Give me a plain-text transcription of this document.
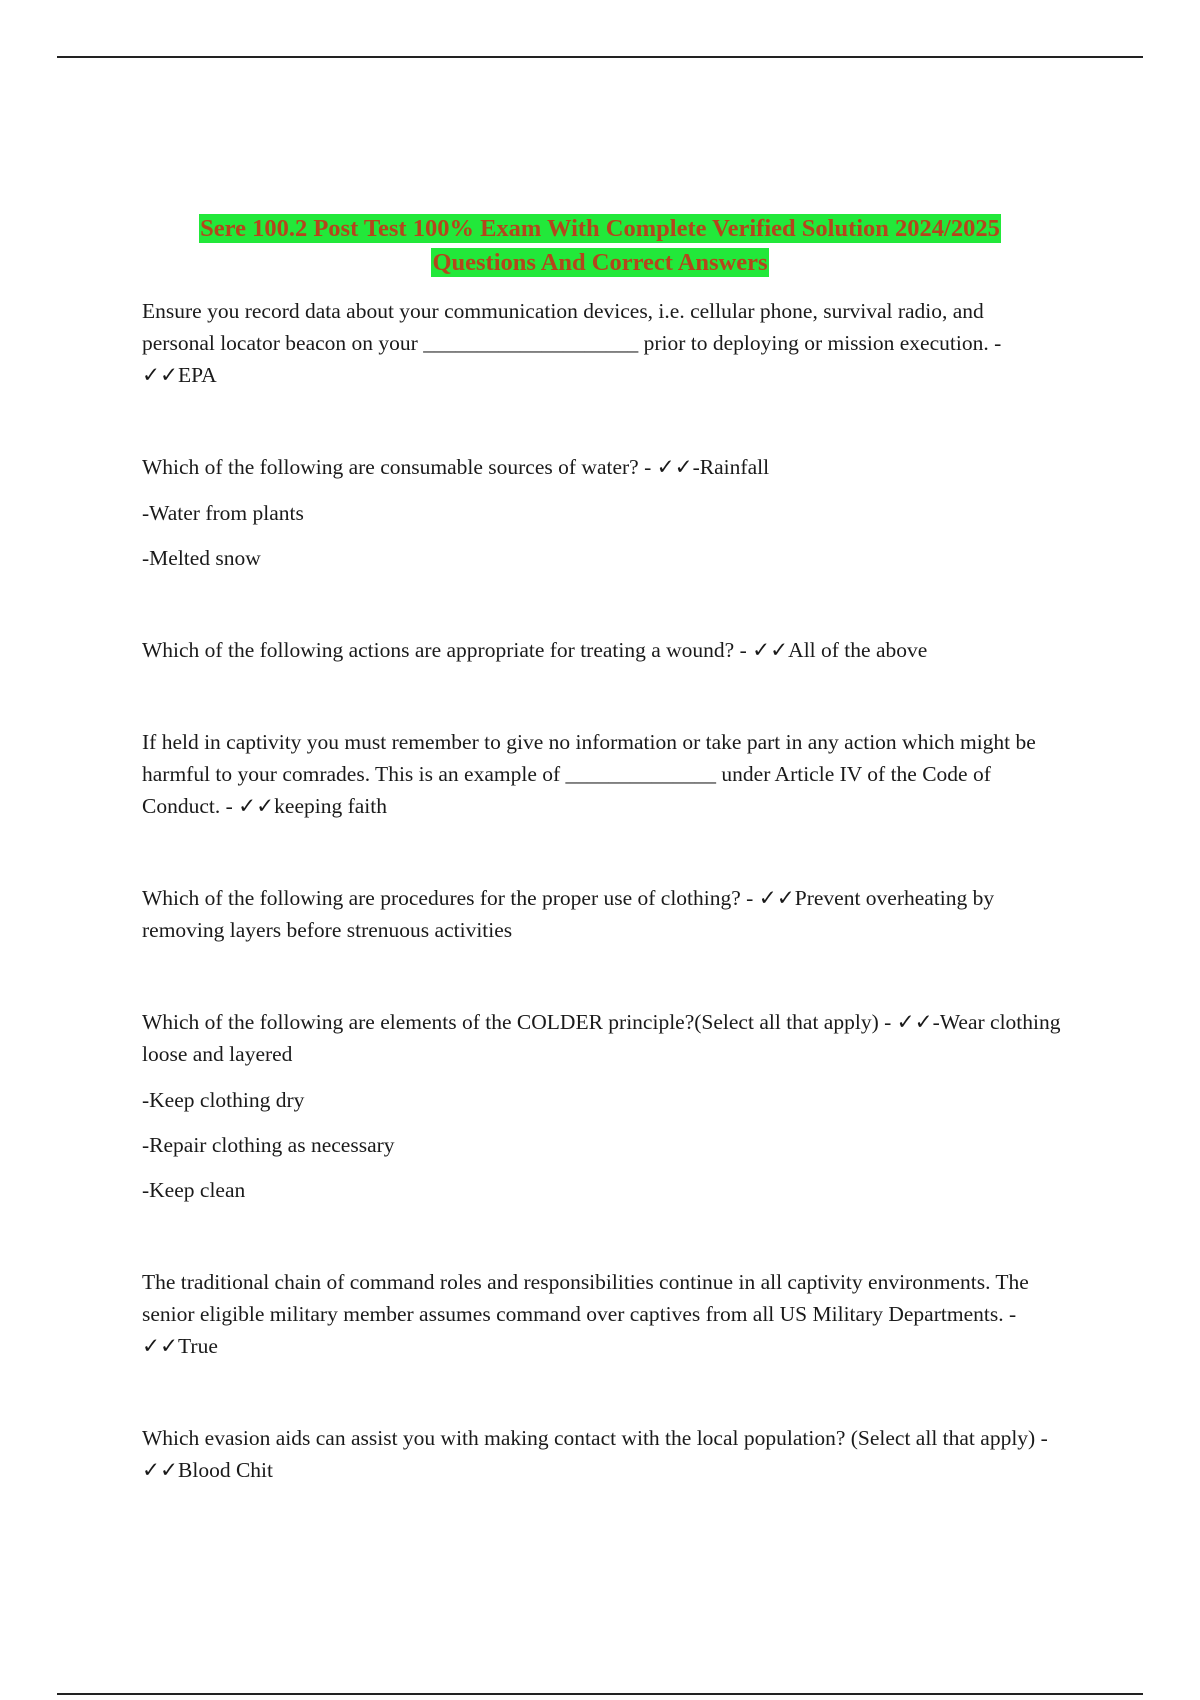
Sere 100.2 Post Test 100% Exam With Complete Verified Solution 2024/2025
Questions And Correct Answers

Ensure you record data about your communication devices, i.e. cellular phone, survival radio, and personal locator beacon on your ____________________ prior to deploying or mission execution. - ✓✓EPA

Which of the following are consumable sources of water? - ✓✓-Rainfall

-Water from plants

-Melted snow

Which of the following actions are appropriate for treating a wound? - ✓✓All of the above

If held in captivity you must remember to give no information or take part in any action which might be harmful to your comrades. This is an example of ______________ under Article IV of the Code of Conduct. - ✓✓keeping faith

Which of the following are procedures for the proper use of clothing? - ✓✓Prevent overheating by removing layers before strenuous activities

Which of the following are elements of the COLDER principle?(Select all that apply) - ✓✓-Wear clothing loose and layered

-Keep clothing dry

-Repair clothing as necessary

-Keep clean

The traditional chain of command roles and responsibilities continue in all captivity environments. The senior eligible military member assumes command over captives from all US Military Departments. - ✓✓True

Which evasion aids can assist you with making contact with the local population? (Select all that apply) - ✓✓Blood Chit
